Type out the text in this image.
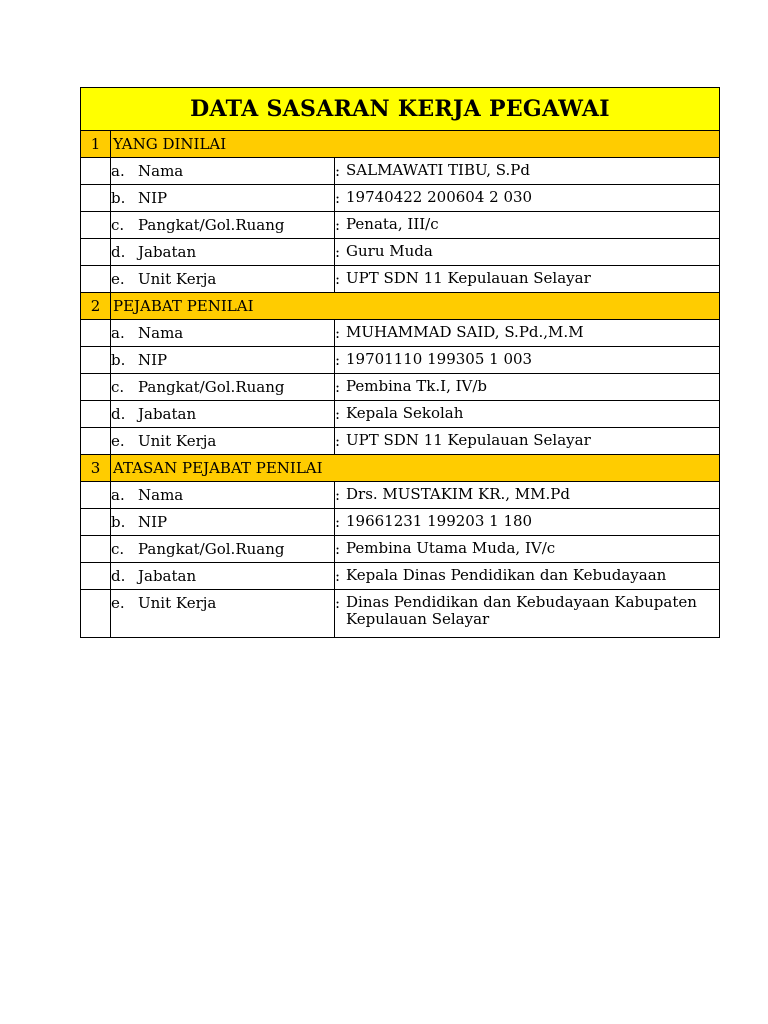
DATA SASARAN KERJA PEGAWAI		
1	YANG DINILAI	
	a. Nama	: SALMAWATI TIBU, S.Pd
	b. NIP	: 19740422 200604 2 030
	c. Pangkat/Gol.Ruang	: Penata, III/c
	d. Jabatan	: Guru Muda
	e. Unit Kerja	: UPT SDN 11 Kepulauan Selayar
2	PEJABAT PENILAI	
	a. Nama	: MUHAMMAD SAID, S.Pd.,M.M
	b. NIP	: 19701110 199305 1 003
	c. Pangkat/Gol.Ruang	: Pembina Tk.I, IV/b
	d. Jabatan	: Kepala Sekolah
	e. Unit Kerja	: UPT SDN 11 Kepulauan Selayar
3	ATASAN PEJABAT PENILAI	
	a. Nama	: Drs. MUSTAKIM KR., MM.Pd
	b. NIP	: 19661231 199203 1 180
	c. Pangkat/Gol.Ruang	: Pembina Utama Muda, IV/c
	d. Jabatan	: Kepala Dinas Pendidikan dan Kebudayaan
	e. Unit Kerja	: Dinas Pendidikan dan Kebudayaan Kabupaten Kepulauan Selayar
